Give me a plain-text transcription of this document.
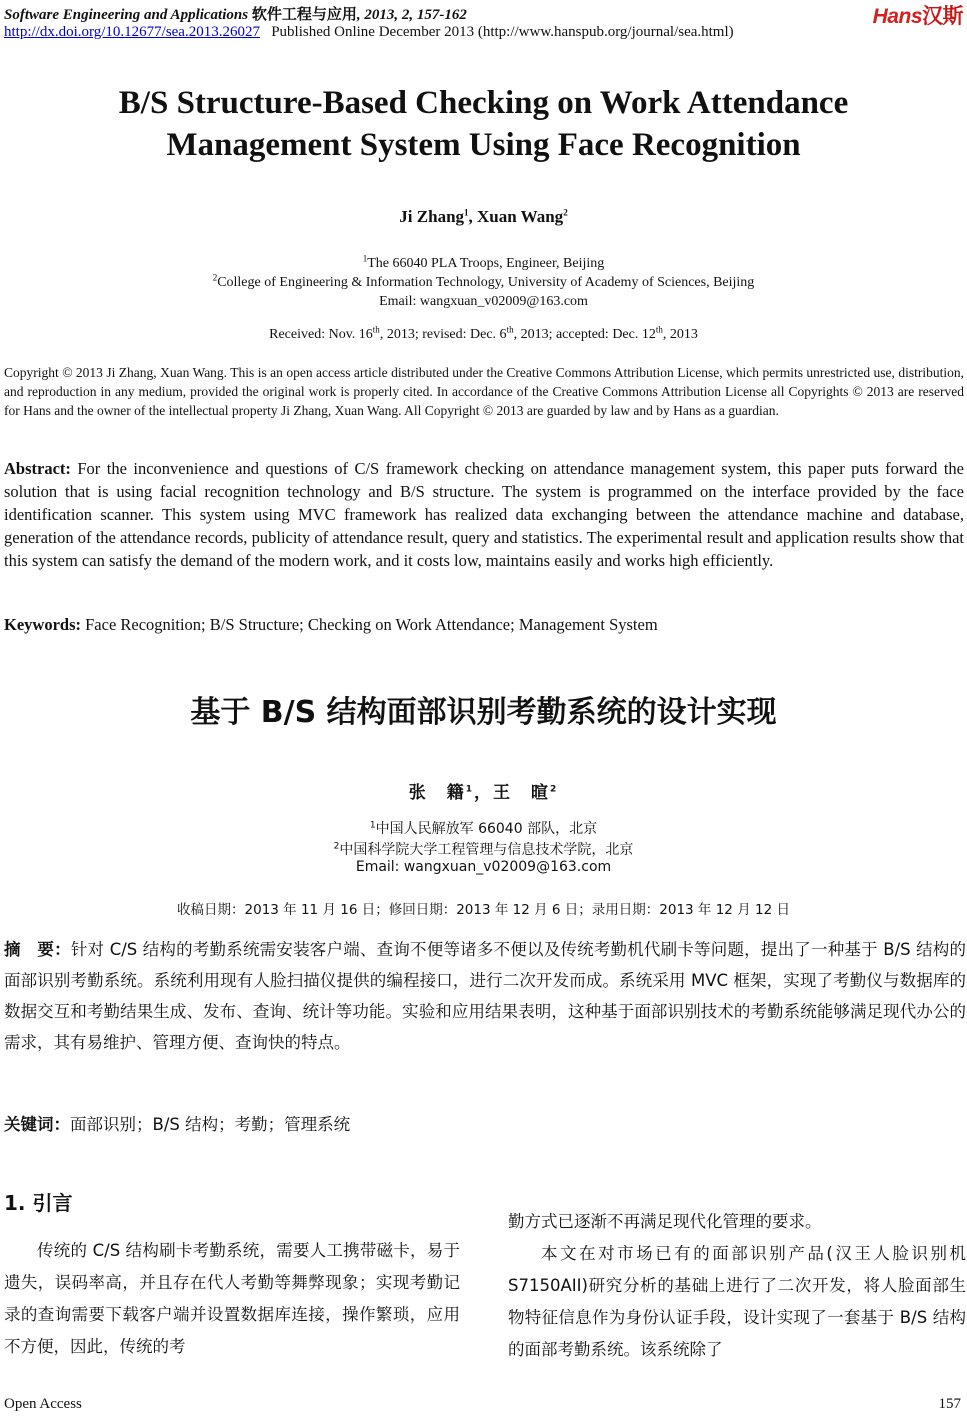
Software Engineering and Applications 软件工程与应用, 2013, 2, 157-162
http://dx.doi.org/10.12677/sea.2013.26027 Published Online December 2013 (http://www.hanspub.org/journal/sea.html)
Hans汉斯
B/S Structure-Based Checking on Work Attendance
Management System Using Face Recognition
Ji Zhang$^1$, Xuan Wang$^2$
$^1$The 66040 PLA Troops, Engineer, Beijing
$^2$College of Engineering & Information Technology, University of Academy of Sciences, Beijing
Email: wangxuan_v02009@163.com
Received: Nov. 16th, 2013; revised: Dec. 6th, 2013; accepted: Dec. 12th, 2013
Copyright © 2013 Ji Zhang, Xuan Wang. This is an open access article distributed under the Creative Commons Attribution License, which permits unrestricted use, distribution, and reproduction in any medium, provided the original work is properly cited. In accordance of the Creative Commons Attribution License all Copyrights © 2013 are reserved for Hans and the owner of the intellectual property Ji Zhang, Xuan Wang. All Copyright © 2013 are guarded by law and by Hans as a guardian.
Abstract: For the inconvenience and questions of C/S framework checking on attendance management system, this paper puts forward the solution that is using facial recognition technology and B/S structure. The system is programmed on the interface provided by the face identification scanner. This system using MVC framework has realized data exchanging between the attendance machine and database, generation of the attendance records, publicity of attendance result, query and statistics. The experimental result and application results show that this system can satisfy the demand of the modern work, and it costs low, maintains easily and works high efficiently.
Keywords: Face Recognition; B/S Structure; Checking on Work Attendance; Management System
基于 B/S 结构面部识别考勤系统的设计实现
张　籍$^1$，王　暄$^2$
$^1$中国人民解放军 66040 部队，北京
$^2$中国科学院大学工程管理与信息技术学院，北京
Email: wangxuan_v02009@163.com
收稿日期：2013 年 11 月 16 日；修回日期：2013 年 12 月 6 日；录用日期：2013 年 12 月 12 日
摘　要：针对 C/S 结构的考勤系统需安装客户端、查询不便等诸多不便以及传统考勤机代刷卡等问题，提出了一种基于 B/S 结构的面部识别考勤系统。系统利用现有人脸扫描仪提供的编程接口，进行二次开发而成。系统采用 MVC 框架，实现了考勤仪与数据库的数据交互和考勤结果生成、发布、查询、统计等功能。实验和应用结果表明，这种基于面部识别技术的考勤系统能够满足现代办公的需求，其有易维护、管理方便、查询快的特点。
关键词：面部识别；B/S 结构；考勤；管理系统
1. 引言

传统的 C/S 结构刷卡考勤系统，需要人工携带磁卡，易于遗失，误码率高，并且存在代人考勤等舞弊现象；实现考勤记录的查询需要下载客户端并设置数据库连接，操作繁琐，应用不方便，因此，传统的考

勤方式已逐渐不再满足现代化管理的要求。

本文在对市场已有的面部识别产品(汉王人脸识别机 S7150AII)研究分析的基础上进行了二次开发，将人脸面部生物特征信息作为身份认证手段，设计实现了一套基于 B/S 结构的面部考勤系统。该系统除了

Open Access	157
